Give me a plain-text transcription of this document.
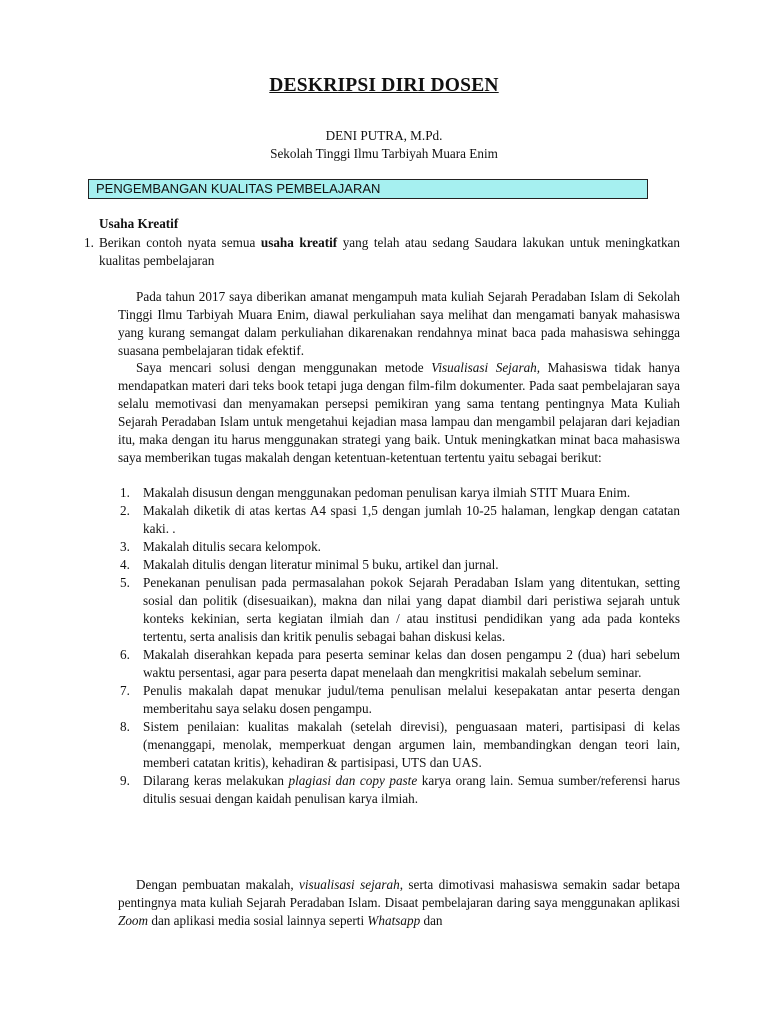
DESKRIPSI DIRI DOSEN
DENI PUTRA, M.Pd.
Sekolah Tinggi Ilmu Tarbiyah Muara Enim
PENGEMBANGAN KUALITAS PEMBELAJARAN
Usaha Kreatif
1. Berikan contoh nyata semua usaha kreatif yang telah atau sedang Saudara lakukan untuk meningkatkan kualitas pembelajaran
Pada tahun 2017 saya diberikan amanat mengampuh mata kuliah Sejarah Peradaban Islam di Sekolah Tinggi Ilmu Tarbiyah Muara Enim, diawal perkuliahan saya melihat dan mengamati banyak mahasiswa yang kurang semangat dalam perkuliahan dikarenakan rendahnya minat baca pada mahasiswa sehingga suasana pembelajaran tidak efektif.
Saya mencari solusi dengan menggunakan metode Visualisasi Sejarah, Mahasiswa tidak hanya mendapatkan materi dari teks book tetapi juga dengan film-film dokumenter. Pada saat pembelajaran saya selalu memotivasi dan menyamakan persepsi pemikiran yang sama tentang pentingnya Mata Kuliah Sejarah Peradaban Islam untuk mengetahui kejadian masa lampau dan mengambil pelajaran dari kejadian itu, maka dengan itu harus menggunakan strategi yang baik. Untuk meningkatkan minat baca mahasiswa saya memberikan tugas makalah dengan ketentuan-ketentuan tertentu yaitu sebagai berikut:
1. Makalah disusun dengan menggunakan pedoman penulisan karya ilmiah STIT Muara Enim.
2. Makalah diketik di atas kertas A4 spasi 1,5 dengan jumlah 10-25 halaman, lengkap dengan catatan kaki. .
3. Makalah ditulis secara kelompok.
4. Makalah ditulis dengan literatur minimal 5 buku, artikel dan jurnal.
5. Penekanan penulisan pada permasalahan pokok Sejarah Peradaban Islam yang ditentukan, setting sosial dan politik (disesuaikan), makna dan nilai yang dapat diambil dari peristiwa sejarah untuk konteks kekinian, serta kegiatan ilmiah dan / atau institusi pendidikan yang ada pada konteks tertentu, serta analisis dan kritik penulis sebagai bahan diskusi kelas.
6. Makalah diserahkan kepada para peserta seminar kelas dan dosen pengampu 2 (dua) hari sebelum waktu persentasi, agar para peserta dapat menelaah dan mengkritisi makalah sebelum seminar.
7. Penulis makalah dapat menukar judul/tema penulisan melalui kesepakatan antar peserta dengan memberitahu saya selaku dosen pengampu.
8. Sistem penilaian: kualitas makalah (setelah direvisi), penguasaan materi, partisipasi di kelas (menanggapi, menolak, memperkuat dengan argumen lain, membandingkan dengan teori lain, memberi catatan kritis), kehadiran & partisipasi, UTS dan UAS.
9. Dilarang keras melakukan plagiasi dan copy paste karya orang lain. Semua sumber/referensi harus ditulis sesuai dengan kaidah penulisan karya ilmiah.
Dengan pembuatan makalah, visualisasi sejarah, serta dimotivasi mahasiswa semakin sadar betapa pentingnya mata kuliah Sejarah Peradaban Islam. Disaat pembelajaran daring saya menggunakan aplikasi Zoom dan aplikasi media sosial lainnya seperti Whatsapp dan
